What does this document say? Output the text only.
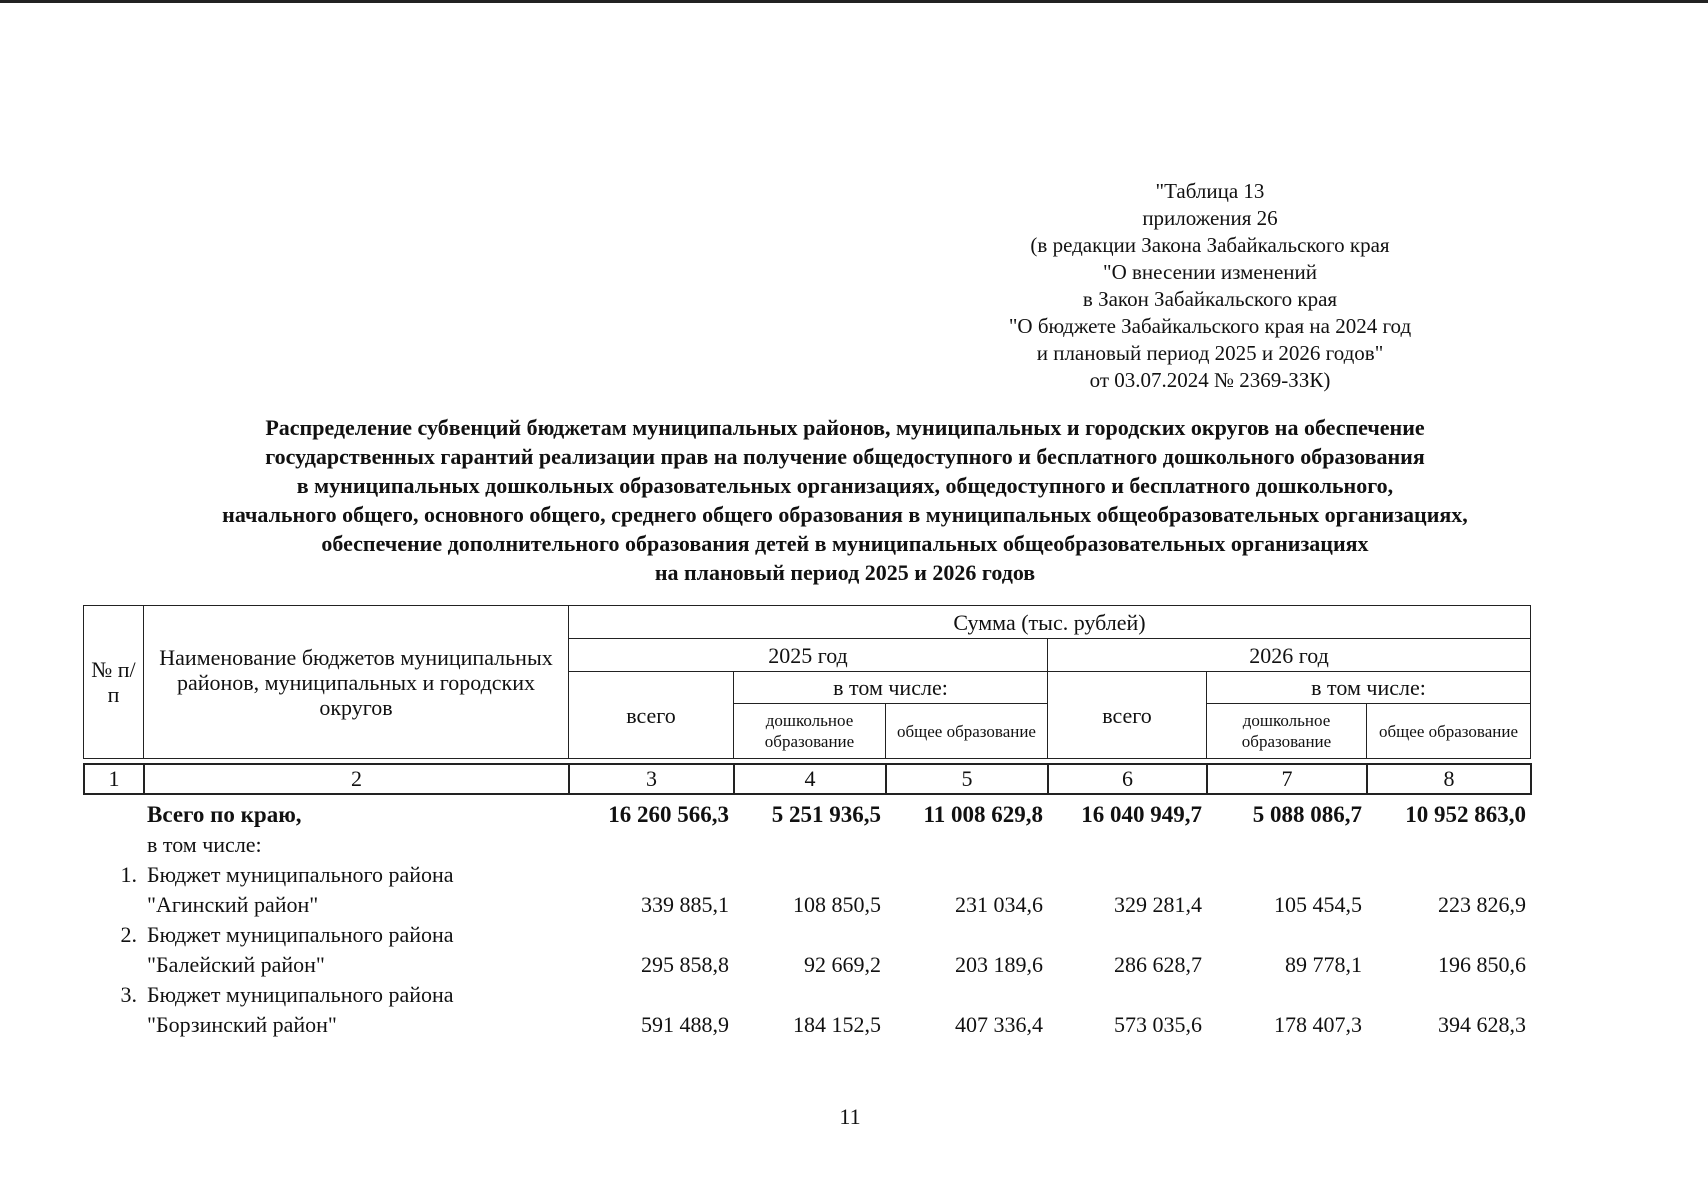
"Таблица 13
приложения 26
(в редакции Закона Забайкальского края
"О внесении изменений
в Закон Забайкальского края
"О бюджете Забайкальского края на 2024 год
и плановый период 2025 и 2026 годов"
от 03.07.2024 № 2369-ЗЗК)
Распределение субвенций бюджетам муниципальных районов, муниципальных и городских округов на обеспечение
государственных гарантий реализации прав на получение общедоступного и бесплатного дошкольного образования
в муниципальных дошкольных образовательных организациях, общедоступного и бесплатного дошкольного,
начального общего, основного общего, среднего общего образования в муниципальных общеобразовательных организациях,
обеспечение дополнительного образования детей в муниципальных общеобразовательных организациях
на плановый период 2025 и 2026 годов
№ п/п	Наименование бюджетов муниципальных районов, муниципальных и городских округов	Сумма (тыс. рублей)					
		2025 год			2026 год		
		всего	в том числе:		всего	в том числе:	
			дошкольное образование	общее образование		дошкольное образование	общее образование
1	2	3	4	5	6	7	8
	Всего по краю,	16 260 566,3	5 251 936,5	11 008 629,8	16 040 949,7	5 088 086,7	10 952 863,0
	в том числе:						
1.	Бюджет муниципального района						
	"Агинский район"	339 885,1	108 850,5	231 034,6	329 281,4	105 454,5	223 826,9
2.	Бюджет муниципального района						
	"Балейский район"	295 858,8	92 669,2	203 189,6	286 628,7	89 778,1	196 850,6
3.	Бюджет муниципального района						
	"Борзинский район"	591 488,9	184 152,5	407 336,4	573 035,6	178 407,3	394 628,3
11
